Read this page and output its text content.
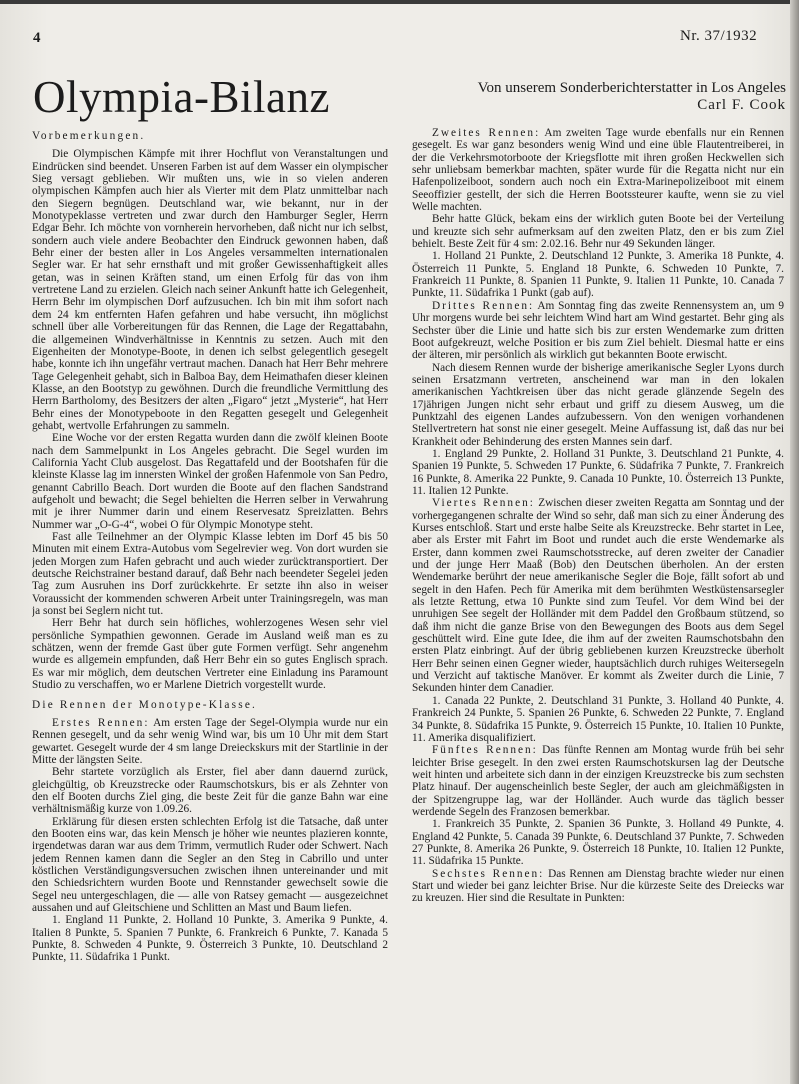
4	Nr. 37/1932
Olympia-Bilanz	Von unserem Sonderberichterstatter in Los Angeles
Carl F. Cook
Vorbemerkungen.

Die Olympischen Kämpfe mit ihrer Hochflut von Veranstaltungen und Eindrücken sind beendet. Unseren Farben ist auf dem Wasser ein olympischer Sieg versagt geblieben. Wir mußten uns, wie in so vielen anderen olympischen Kämpfen auch hier als Vierter mit dem Platz unmittelbar nach den Siegern begnügen. Deutschland war, wie bekannt, nur in der Monotypeklasse vertreten und zwar durch den Hamburger Segler, Herrn Edgar Behr. Ich möchte von vornherein hervorheben, daß nicht nur ich selbst, sondern auch viele andere Beobachter den Eindruck gewonnen haben, daß Behr einer der besten aller in Los Angeles versammelten internationalen Segler war. Er hat sehr ernsthaft und mit großer Gewissenhaftigkeit alles getan, was in seinen Kräften stand, um einen Erfolg für das von ihm vertretene Land zu erzielen. Gleich nach seiner Ankunft hatte ich Gelegenheit, Herrn Behr im olympischen Dorf aufzusuchen. Ich bin mit ihm sofort nach dem 24 km entfernten Hafen gefahren und habe versucht, ihn möglichst schnell über alle Vorbereitungen für das Rennen, die Lage der Regattabahn, die allgemeinen Windverhältnisse in Kenntnis zu setzen. Auch mit den Eigenheiten der Monotype-Boote, in denen ich selbst gelegentlich gesegelt habe, konnte ich ihn ungefähr vertraut machen. Danach hat Herr Behr mehrere Tage Gelegenheit gehabt, sich in Balboa Bay, dem Heimathafen dieser kleinen Klasse, an den Bootstyp zu gewöhnen. Durch die freundliche Vermittlung des Herrn Bartholomy, des Besitzers der alten „Figaro“ jetzt „Mysterie“, hat Herr Behr eines der Monotypeboote in den Regatten gesegelt und Gelegenheit gehabt, wertvolle Erfahrungen zu sammeln.

Eine Woche vor der ersten Regatta wurden dann die zwölf kleinen Boote nach dem Sammelpunkt in Los Angeles gebracht. Die Segel wurden im California Yacht Club ausgelost. Das Regattafeld und der Bootshafen für die kleinste Klasse lag im innersten Winkel der großen Hafenmole von San Pedro, genannt Cabrillo Beach. Dort wurden die Boote auf den flachen Sandstrand aufgeholt und bewacht; die Segel behielten die Herren selber in Verwahrung mit je ihrer Nummer darin und einem Reservesatz Spreizlatten. Behrs Nummer war „O-G-4“, wobei O für Olympic Monotype steht.

Fast alle Teilnehmer an der Olympic Klasse lebten im Dorf 45 bis 50 Minuten mit einem Extra-Autobus vom Segelrevier weg. Von dort wurden sie jeden Morgen zum Hafen gebracht und auch wieder zurücktransportiert. Der deutsche Reichstrainer bestand darauf, daß Behr nach beendeter Segelei jeden Tag zum Ausruhen ins Dorf zurückkehrte. Er setzte ihn also in weiser Voraussicht der kommenden schweren Arbeit unter Trainingsregeln, was man ja sonst bei Seglern nicht tut.

Herr Behr hat durch sein höfliches, wohlerzogenes Wesen sehr viel persönliche Sympathien gewonnen. Gerade im Ausland weiß man es zu schätzen, wenn der fremde Gast über gute Formen verfügt. Sehr angenehm wurde es allgemein empfunden, daß Herr Behr ein so gutes Englisch sprach. Es war mir möglich, dem deutschen Vertreter eine Einladung ins Paramount Studio zu verschaffen, wo er Marlene Dietrich vorgestellt wurde.

Die Rennen der Monotype-Klasse.

Erstes Rennen: Am ersten Tage der Segel-Olympia wurde nur ein Rennen gesegelt, und da sehr wenig Wind war, bis um 10 Uhr mit dem Start gewartet. Gesegelt wurde der 4 sm lange Dreieckskurs mit der Startlinie in der Mitte der längsten Seite.

Behr startete vorzüglich als Erster, fiel aber dann dauernd zurück, gleichgültig, ob Kreuzstrecke oder Raumschotskurs, bis er als Zehnter von den elf Booten durchs Ziel ging, die beste Zeit für die ganze Bahn war eine verhältnismäßig kurze von 1.09.26.

Erklärung für diesen ersten schlechten Erfolg ist die Tatsache, daß unter den Booten eins war, das kein Mensch je höher wie neuntes plazieren konnte, irgendetwas daran war aus dem Trimm, vermutlich Ruder oder Schwert. Nach jedem Rennen kamen dann die Segler an den Steg in Cabrillo und unter köstlichen Verständigungsversuchen zwischen ihnen untereinander und mit den Schiedsrichtern wurden Boote und Rennstander gewechselt sowie die Segel neu untergeschlagen, die — alle von Ratsey gemacht — ausgezeichnet aussahen und auf Gleitschiene und Schlitten an Mast und Baum liefen.

1. England 11 Punkte, 2. Holland 10 Punkte, 3. Amerika 9 Punkte, 4. Italien 8 Punkte, 5. Spanien 7 Punkte, 6. Frankreich 6 Punkte, 7. Kanada 5 Punkte, 8. Schweden 4 Punkte, 9. Österreich 3 Punkte, 10. Deutschland 2 Punkte, 11. Südafrika 1 Punkt.

Zweites Rennen: Am zweiten Tage wurde ebenfalls nur ein Rennen gesegelt. Es war ganz besonders wenig Wind und eine üble Flautentreiberei, in der die Verkehrsmotorboote der Kriegsflotte mit ihren großen Heckwellen sich sehr unliebsam bemerkbar machten, später wurde für die Regatta nicht nur ein Hafenpolizeiboot, sondern auch noch ein Extra-Marinepolizeiboot mit einem Seeoffizier gestellt, der sich die Herren Bootssteurer kaufte, wenn sie zu viel Welle machten.

Behr hatte Glück, bekam eins der wirklich guten Boote bei der Verteilung und kreuzte sich sehr aufmerksam auf den zweiten Platz, den er bis zum Ziel behielt. Beste Zeit für 4 sm: 2.02.16. Behr nur 49 Sekunden länger.

1. Holland 21 Punkte, 2. Deutschland 12 Punkte, 3. Amerika 18 Punkte, 4. Österreich 11 Punkte, 5. England 18 Punkte, 6. Schweden 10 Punkte, 7. Frankreich 11 Punkte, 8. Spanien 11 Punkte, 9. Italien 11 Punkte, 10. Canada 7 Punkte, 11. Südafrika 1 Punkt (gab auf).

Drittes Rennen: Am Sonntag fing das zweite Rennensystem an, um 9 Uhr morgens wurde bei sehr leichtem Wind hart am Wind gestartet. Behr ging als Sechster über die Linie und hatte sich bis zur ersten Wendemarke zum dritten Boot aufgekreuzt, welche Position er bis zum Ziel behielt. Diesmal hatte er eins der älteren, mir persönlich als wirklich gut bekannten Boote erwischt.

Nach diesem Rennen wurde der bisherige amerikanische Segler Lyons durch seinen Ersatzmann vertreten, anscheinend war man in den lokalen amerikanischen Yachtkreisen über das nicht gerade glänzende Segeln des 17jährigen Jungen nicht sehr erbaut und griff zu diesem Ausweg, um die Punktzahl des eigenen Landes aufzubessern. Von den wenigen vorhandenen Stellvertretern hat sonst nie einer gesegelt. Meine Auffassung ist, daß das nur bei Krankheit oder Behinderung des ersten Mannes sein darf.

1. England 29 Punkte, 2. Holland 31 Punkte, 3. Deutschland 21 Punkte, 4. Spanien 19 Punkte, 5. Schweden 17 Punkte, 6. Südafrika 7 Punkte, 7. Frankreich 16 Punkte, 8. Amerika 22 Punkte, 9. Canada 10 Punkte, 10. Österreich 13 Punkte, 11. Italien 12 Punkte.

Viertes Rennen: Zwischen dieser zweiten Regatta am Sonntag und der vorhergegangenen schralte der Wind so sehr, daß man sich zu einer Änderung des Kurses entschloß. Start und erste halbe Seite als Kreuzstrecke. Behr startet in Lee, aber als Erster mit Fahrt im Boot und rundet auch die erste Wendemarke als Erster, dann kommen zwei Raumschotsstrecke, auf deren zweiter der Canadier und der junge Herr Maaß (Bob) den Deutschen überholen. An der ersten Wendemarke berührt der neue amerikanische Segler die Boje, fällt sofort ab und segelt in den Hafen. Pech für Amerika mit dem berühmten Westküstensarsegler als letzte Rettung, etwa 10 Punkte sind zum Teufel. Vor dem Wind bei der unruhigen See segelt der Holländer mit dem Paddel den Großbaum stützend, so daß ihm nicht die ganze Brise von den Bewegungen des Boots aus dem Segel geschüttelt wird. Eine gute Idee, die ihm auf der zweiten Raumschotsbahn den ersten Platz einbringt. Auf der übrig gebliebenen kurzen Kreuzstrecke überholt Herr Behr seinen einen Gegner wieder, hauptsächlich durch ruhiges Weitersegeln und Verzicht auf taktische Manöver. Er kommt als Zweiter durch die Linie, 7 Sekunden hinter dem Canadier.

1. Canada 22 Punkte, 2. Deutschland 31 Punkte, 3. Holland 40 Punkte, 4. Frankreich 24 Punkte, 5. Spanien 26 Punkte, 6. Schweden 22 Punkte, 7. England 34 Punkte, 8. Südafrika 15 Punkte, 9. Österreich 15 Punkte, 10. Italien 10 Punkte, 11. Amerika disqualifiziert.

Fünftes Rennen: Das fünfte Rennen am Montag wurde früh bei sehr leichter Brise gesegelt. In den zwei ersten Raumschotskursen lag der Deutsche weit hinten und arbeitete sich dann in der einzigen Kreuzstrecke bis zum sechsten Platz hinauf. Der augenscheinlich beste Segler, der auch am gleichmäßigsten in der Spitzengruppe lag, war der Holländer. Auch wurde das täglich besser werdende Segeln des Franzosen bemerkbar.

1. Frankreich 35 Punkte, 2. Spanien 36 Punkte, 3. Holland 49 Punkte, 4. England 42 Punkte, 5. Canada 39 Punkte, 6. Deutschland 37 Punkte, 7. Schweden 27 Punkte, 8. Amerika 26 Punkte, 9. Österreich 18 Punkte, 10. Italien 12 Punkte, 11. Südafrika 15 Punkte.

Sechstes Rennen: Das Rennen am Dienstag brachte wieder nur einen Start und wieder bei ganz leichter Brise. Nur die kürzeste Seite des Dreiecks war zu kreuzen. Hier sind die Resultate in Punkten:
